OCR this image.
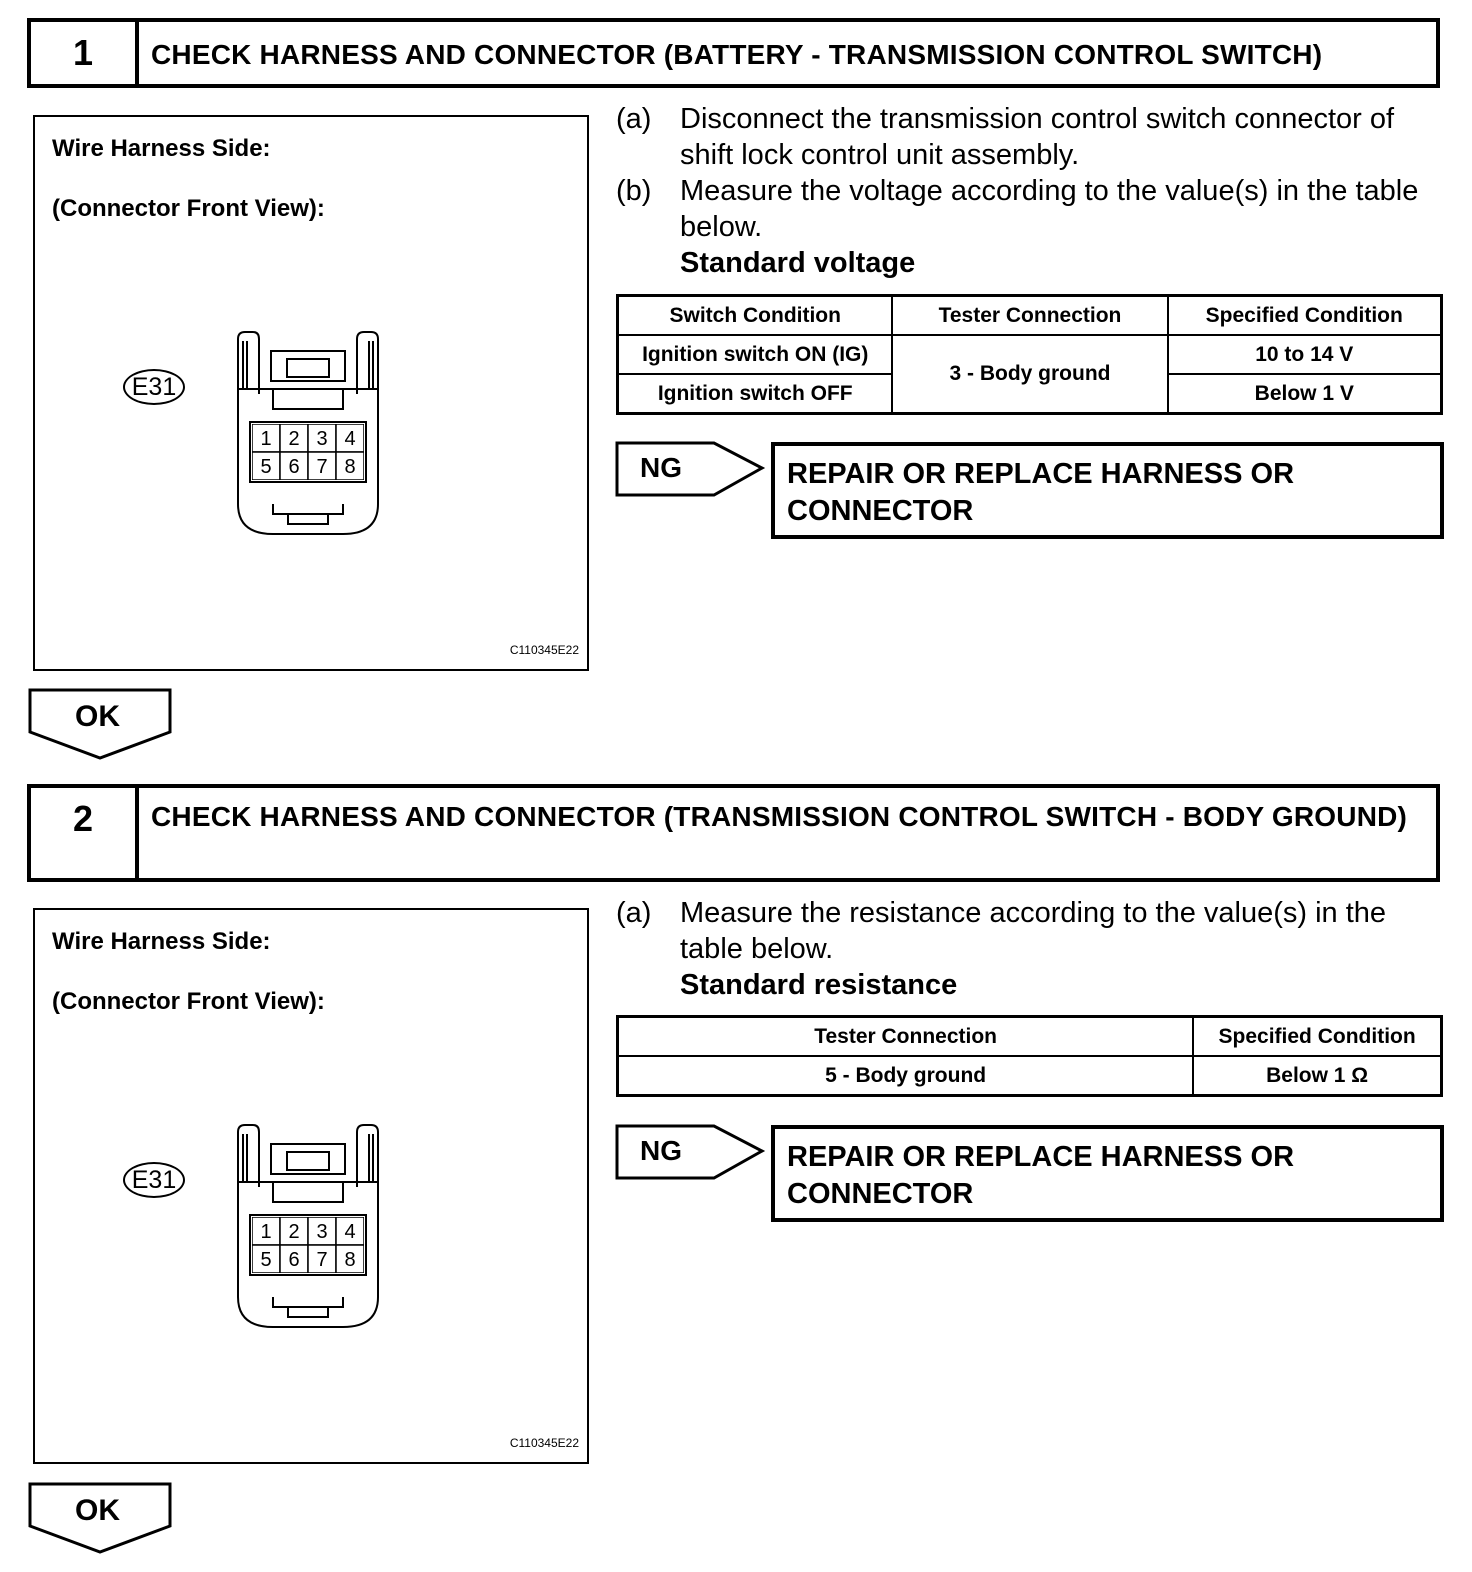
1	CHECK HARNESS AND CONNECTOR (BATTERY - TRANSMISSION CONTROL SWITCH)
Wire Harness Side:
(Connector Front View):
E31
1 2 3 4
5 6 7 8
C110345E22
(a) Disconnect the transmission control switch connector of shift lock control unit assembly.
(b) Measure the voltage according to the value(s) in the table below.
Standard voltage
Switch Condition	Tester Connection	Specified Condition
Ignition switch ON (IG)	3 - Body ground	10 to 14 V
Ignition switch OFF		Below 1 V
NG	REPAIR OR REPLACE HARNESS OR CONNECTOR
OK
2	CHECK HARNESS AND CONNECTOR (TRANSMISSION CONTROL SWITCH - BODY GROUND)
Wire Harness Side:
(Connector Front View):
E31
1 2 3 4
5 6 7 8
C110345E22
(a) Measure the resistance according to the value(s) in the table below.
Standard resistance
Tester Connection	Specified Condition
5 - Body ground	Below 1 Ω
NG	REPAIR OR REPLACE HARNESS OR CONNECTOR
OK
